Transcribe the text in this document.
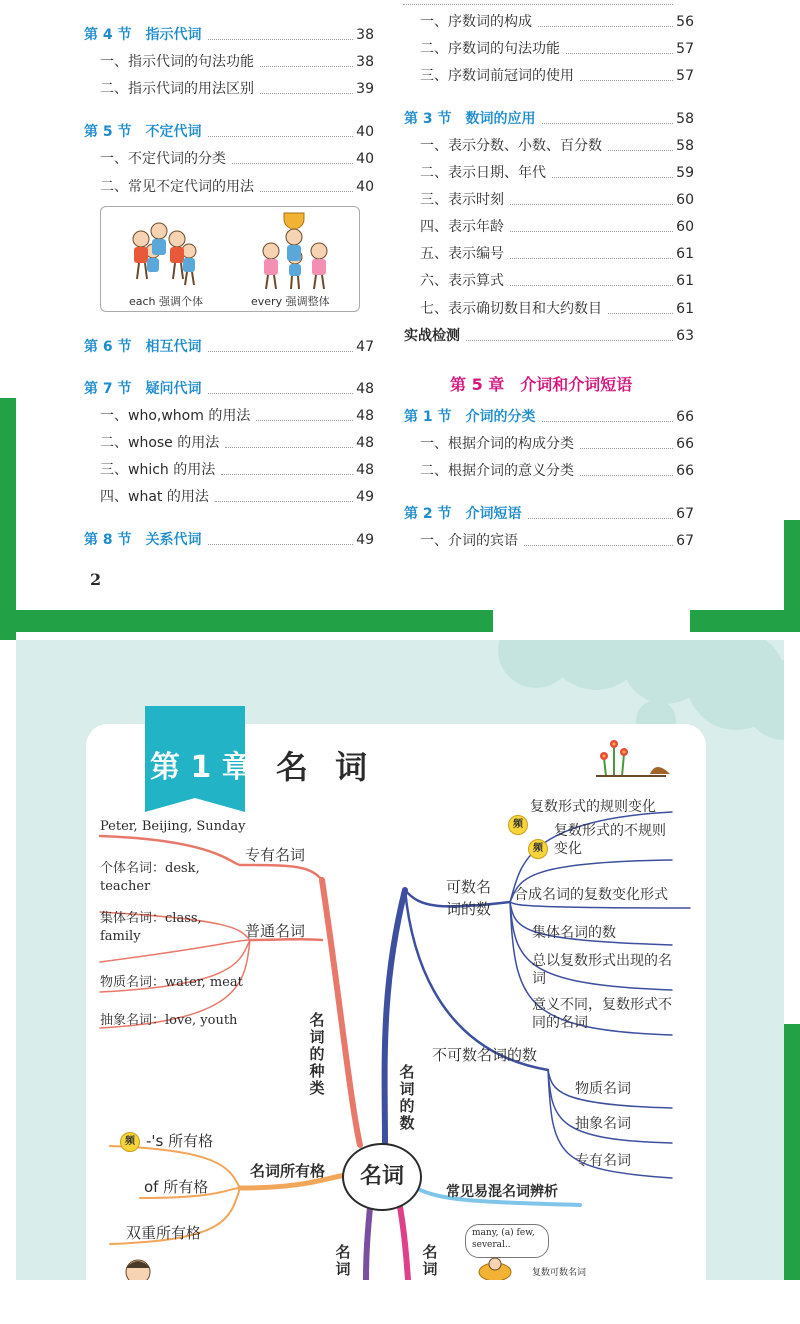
第 4 节　指示代词	38
一、指示代词的句法功能	38
二、指示代词的用法区别	39
第 5 节　不定代词	40
一、不定代词的分类	40
二、常见不定代词的用法	40
第 6 节　相互代词	47
第 7 节　疑问代词	48
一、who,whom 的用法	48
二、whose 的用法	48
三、which 的用法	48
四、what 的用法	49
第 8 节　关系代词	49
一、序数词的构成	56
二、序数词的句法功能	57
三、序数词前冠词的使用	57
第 3 节　数词的应用	58
一、表示分数、小数、百分数	58
二、表示日期、年代	59
三、表示时刻	60
四、表示年龄	60
五、表示编号	61
六、表示算式	61
七、表示确切数目和大约数目	61
实战检测	63
第 5 章　介词和介词短语
第 1 节　介词的分类	66
一、根据介词的构成分类	66
二、根据介词的意义分类	66
第 2 节　介词短语	67
一、介词的宾语	67
each 强调个体	every 强调整体
2
第 1 章 名 词
名词
Peter, Beijing, Sunday
专有名词
个体名词：desk, teacher
普通名词
集体名词：class, family
物质名词：water, meat
抽象名词：love, youth	名词的种类
频
复数形式的规则变化
频
复数形式的不规则变化
可数名词的数
合成名词的复数变化形式
集体名词的数
总以复数形式出现的名词
意义不同，复数形式不同的名词
不可数名词的数
物质名词
抽象名词
专有名词
名词的数
频 -'s 所有格
名词所有格
of 所有格
双重所有格
常见易混名词辨析
名词
名词
many, (a) few, several..
复数可数名词
